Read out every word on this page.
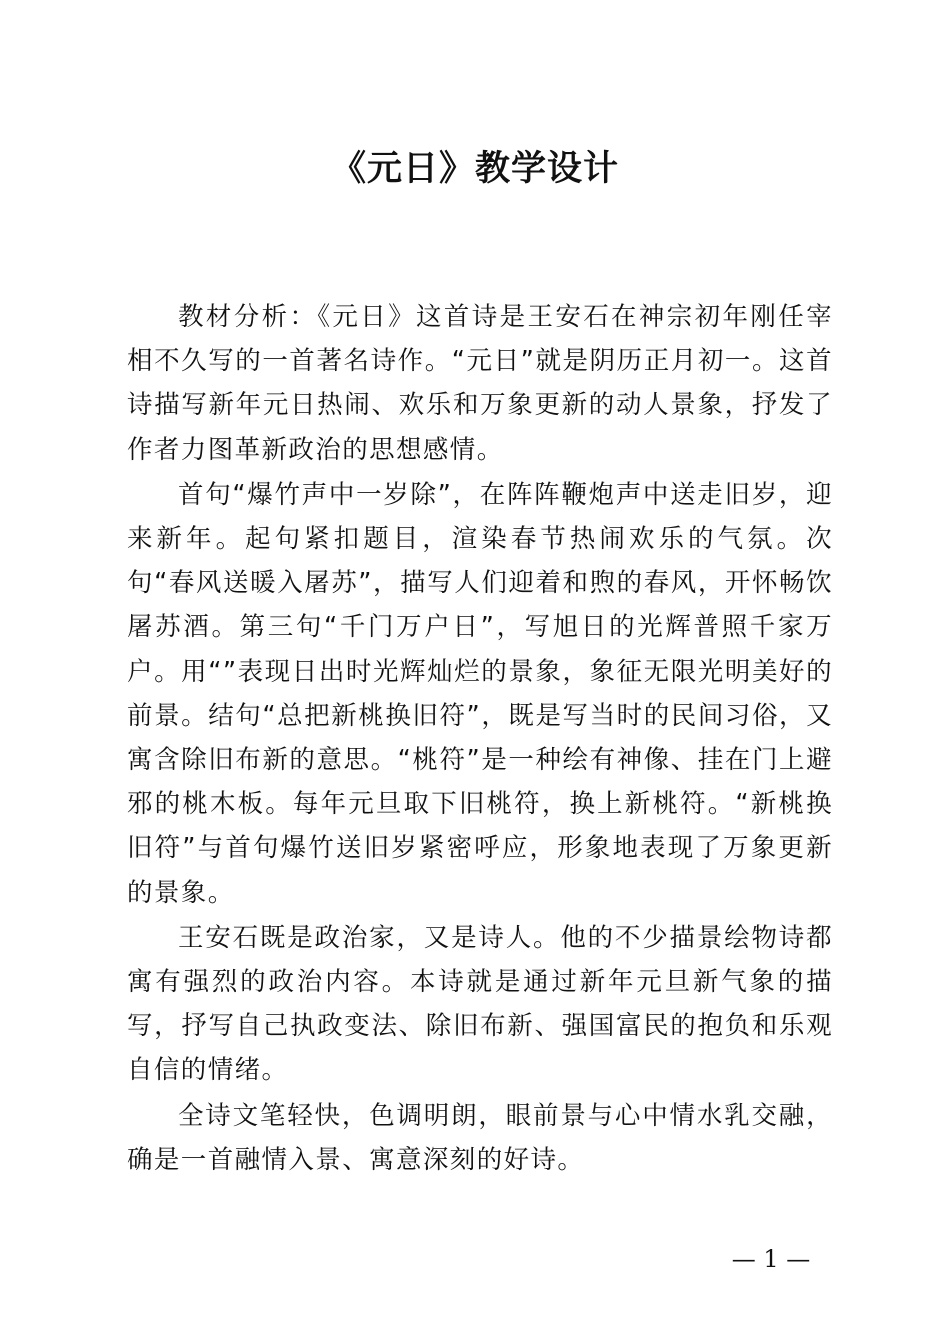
《元日》教学设计

教材分析：《元日》这首诗是王安石在神宗初年刚任宰相不久写的一首著名诗作。“元日”就是阴历正月初一。这首诗描写新年元日热闹、欢乐和万象更新的动人景象，抒发了作者力图革新政治的思想感情。

首句“爆竹声中一岁除”，在阵阵鞭炮声中送走旧岁，迎来新年。起句紧扣题目，渲染春节热闹欢乐的气氛。次句“春风送暖入屠苏”，描写人们迎着和煦的春风，开怀畅饮屠苏酒。第三句“千门万户日”，写旭日的光辉普照千家万户。用“”表现日出时光辉灿烂的景象，象征无限光明美好的前景。结句“总把新桃换旧符”，既是写当时的民间习俗，又寓含除旧布新的意思。“桃符”是一种绘有神像、挂在门上避邪的桃木板。每年元旦取下旧桃符，换上新桃符。“新桃换旧符”与首句爆竹送旧岁紧密呼应，形象地表现了万象更新的景象。

王安石既是政治家，又是诗人。他的不少描景绘物诗都寓有强烈的政治内容。本诗就是通过新年元旦新气象的描写，抒写自己执政变法、除旧布新、强国富民的抱负和乐观自信的情绪。

全诗文笔轻快，色调明朗，眼前景与心中情水乳交融，确是一首融情入景、寓意深刻的好诗。

— 1 —
